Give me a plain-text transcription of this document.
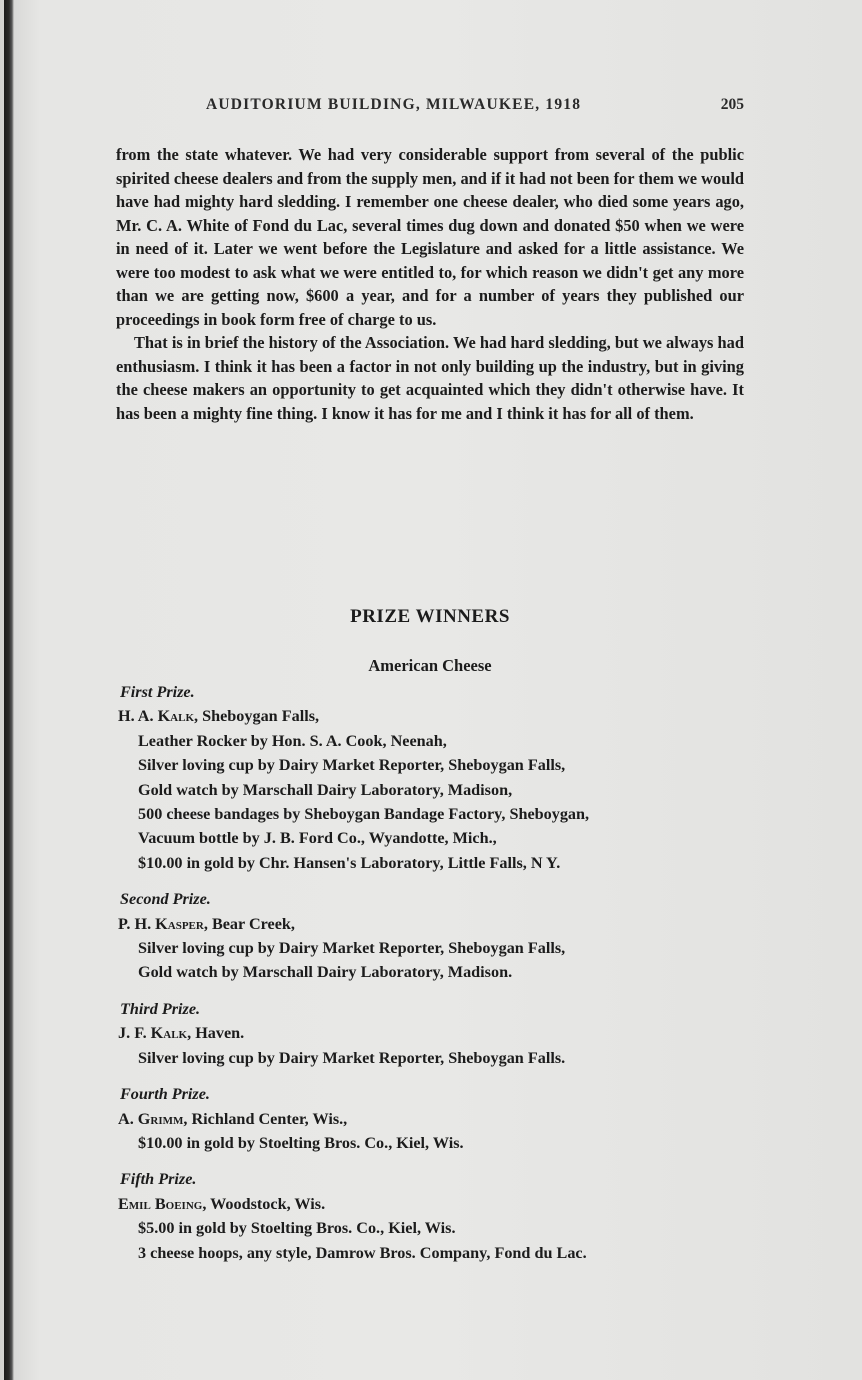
AUDITORIUM BUILDING, MILWAUKEE, 1918	205

from the state whatever. We had very considerable support from several of the public spirited cheese dealers and from the supply men, and if it had not been for them we would have had mighty hard sledding. I remember one cheese dealer, who died some years ago, Mr. C. A. White of Fond du Lac, several times dug down and donated $50 when we were in need of it. Later we went before the Legislature and asked for a little assistance. We were too modest to ask what we were entitled to, for which reason we didn't get any more than we are getting now, $600 a year, and for a number of years they published our proceedings in book form free of charge to us.

That is in brief the history of the Association. We had hard sledding, but we always had enthusiasm. I think it has been a factor in not only building up the industry, but in giving the cheese makers an opportunity to get acquainted which they didn't otherwise have. It has been a mighty fine thing. I know it has for me and I think it has for all of them.

PRIZE WINNERS
American Cheese
First Prize.
H. A. Kalk, Sheboygan Falls,
Leather Rocker by Hon. S. A. Cook, Neenah,
Silver loving cup by Dairy Market Reporter, Sheboygan Falls,
Gold watch by Marschall Dairy Laboratory, Madison,
500 cheese bandages by Sheboygan Bandage Factory, Sheboygan,
Vacuum bottle by J. B. Ford Co., Wyandotte, Mich.,
$10.00 in gold by Chr. Hansen's Laboratory, Little Falls, N Y.
Second Prize.
P. H. Kasper, Bear Creek,
Silver loving cup by Dairy Market Reporter, Sheboygan Falls,
Gold watch by Marschall Dairy Laboratory, Madison.
Third Prize.
J. F. Kalk, Haven.
Silver loving cup by Dairy Market Reporter, Sheboygan Falls.
Fourth Prize.
A. Grimm, Richland Center, Wis.,
$10.00 in gold by Stoelting Bros. Co., Kiel, Wis.
Fifth Prize.
Emil Boeing, Woodstock, Wis.
$5.00 in gold by Stoelting Bros. Co., Kiel, Wis.
3 cheese hoops, any style, Damrow Bros. Company, Fond du Lac.
